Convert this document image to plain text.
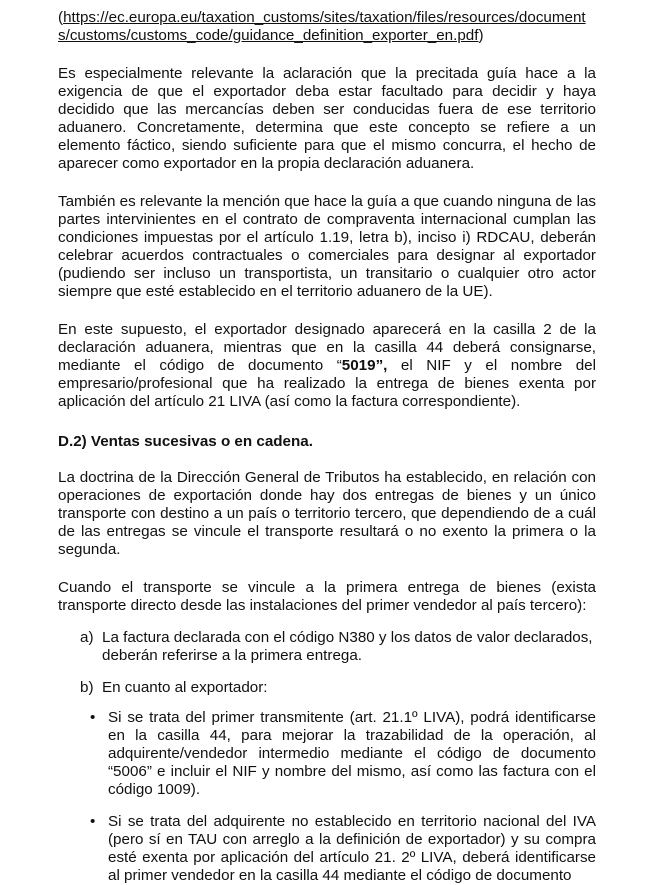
(https://ec.europa.eu/taxation_customs/sites/taxation/files/resources/documents/customs/customs_code/guidance_definition_exporter_en.pdf)

Es especialmente relevante la aclaración que la precitada guía hace a la exigencia de que el exportador deba estar facultado para decidir y haya decidido que las mercancías deben ser conducidas fuera de ese territorio aduanero. Concretamente, determina que este concepto se refiere a un elemento fáctico, siendo suficiente para que el mismo concurra, el hecho de aparecer como exportador en la propia declaración aduanera.

También es relevante la mención que hace la guía a que cuando ninguna de las partes intervinientes en el contrato de compraventa internacional cumplan las condiciones impuestas por el artículo 1.19, letra b), inciso i) RDCAU, deberán celebrar acuerdos contractuales o comerciales para designar al exportador (pudiendo ser incluso un transportista, un transitario o cualquier otro actor siempre que esté establecido en el territorio aduanero de la UE).

En este supuesto, el exportador designado aparecerá en la casilla 2 de la declaración aduanera, mientras que en la casilla 44 deberá consignarse, mediante el código de documento “5019”, el NIF y el nombre del empresario/profesional que ha realizado la entrega de bienes exenta por aplicación del artículo 21 LIVA (así como la factura correspondiente).

D.2) Ventas sucesivas o en cadena.

La doctrina de la Dirección General de Tributos ha establecido, en relación con operaciones de exportación donde hay dos entregas de bienes y un único transporte con destino a un país o territorio tercero, que dependiendo de a cuál de las entregas se vincule el transporte resultará o no exento la primera o la segunda.

Cuando el transporte se vincule a la primera entrega de bienes (exista transporte directo desde las instalaciones del primer vendedor al país tercero):

a) La factura declarada con el código N380 y los datos de valor declarados, deberán referirse a la primera entrega.
b) En cuanto al exportador:
• Si se trata del primer transmitente (art. 21.1º LIVA), podrá identificarse en la casilla 44, para mejorar la trazabilidad de la operación, al adquirente/vendedor intermedio mediante el código de documento “5006” e incluir el NIF y nombre del mismo, así como las factura con el código 1009).
• Si se trata del adquirente no establecido en territorio nacional del IVA (pero sí en TAU con arreglo a la definición de exportador) y su compra esté exenta por aplicación del artículo 21. 2º LIVA, deberá identificarse al primer vendedor en la casilla 44 mediante el código de documento
